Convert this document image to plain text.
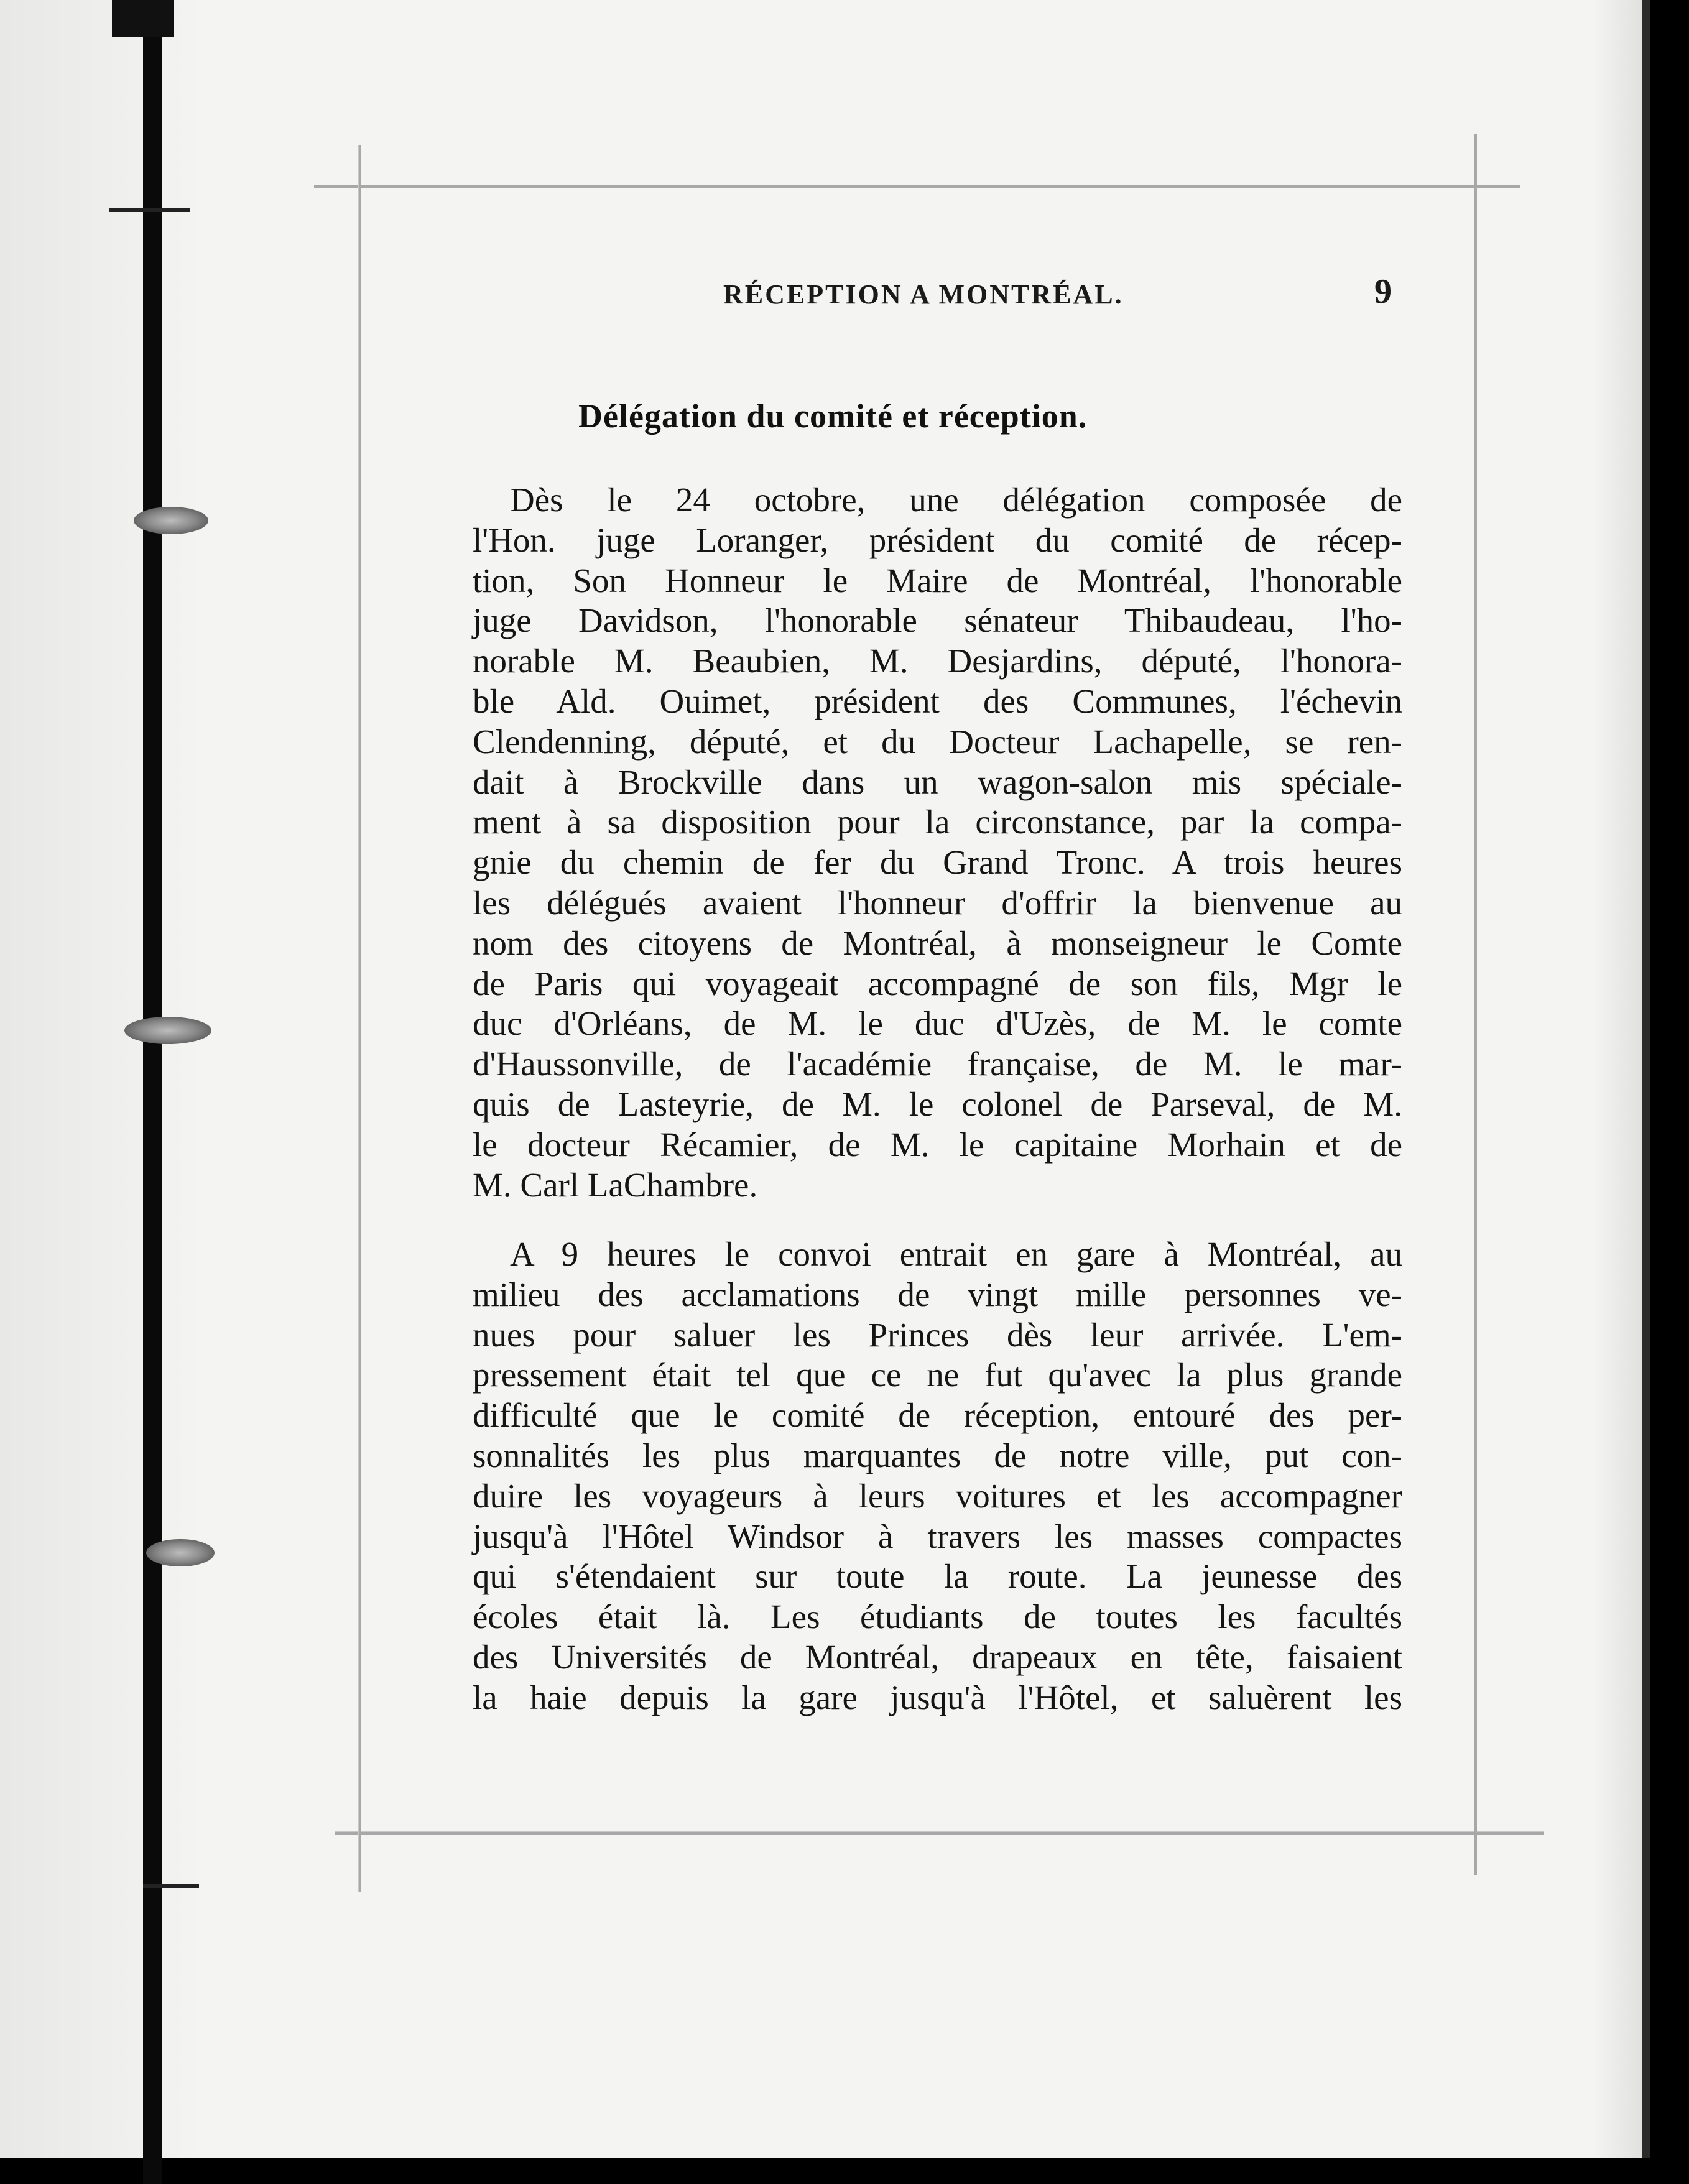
RÉCEPTION A MONTRÉAL.	9
Délégation du comité et réception.

Dès le 24 octobre, une délégation composée de
l'Hon. juge Loranger, président du comité de récep-
tion, Son Honneur le Maire de Montréal, l'honorable
juge Davidson, l'honorable sénateur Thibaudeau, l'ho-
norable M. Beaubien, M. Desjardins, député, l'honora-
ble Ald. Ouimet, président des Communes, l'échevin
Clendenning, député, et du Docteur Lachapelle, se ren-
dait à Brockville dans un wagon-salon mis spéciale-
ment à sa disposition pour la circonstance, par la compa-
gnie du chemin de fer du Grand Tronc. A trois heures
les délégués avaient l'honneur d'offrir la bienvenue au
nom des citoyens de Montréal, à monseigneur le Comte
de Paris qui voyageait accompagné de son fils, Mgr le
duc d'Orléans, de M. le duc d'Uzès, de M. le comte
d'Haussonville, de l'académie française, de M. le mar-
quis de Lasteyrie, de M. le colonel de Parseval, de M.
le docteur Récamier, de M. le capitaine Morhain et de
M. Carl LaChambre.

A 9 heures le convoi entrait en gare à Montréal, au
milieu des acclamations de vingt mille personnes ve-
nues pour saluer les Princes dès leur arrivée. L'em-
pressement était tel que ce ne fut qu'avec la plus grande
difficulté que le comité de réception, entouré des per-
sonnalités les plus marquantes de notre ville, put con-
duire les voyageurs à leurs voitures et les accompagner
jusqu'à l'Hôtel Windsor à travers les masses compactes
qui s'étendaient sur toute la route. La jeunesse des
écoles était là. Les étudiants de toutes les facultés
des Universités de Montréal, drapeaux en tête, faisaient
la haie depuis la gare jusqu'à l'Hôtel, et saluèrent les
